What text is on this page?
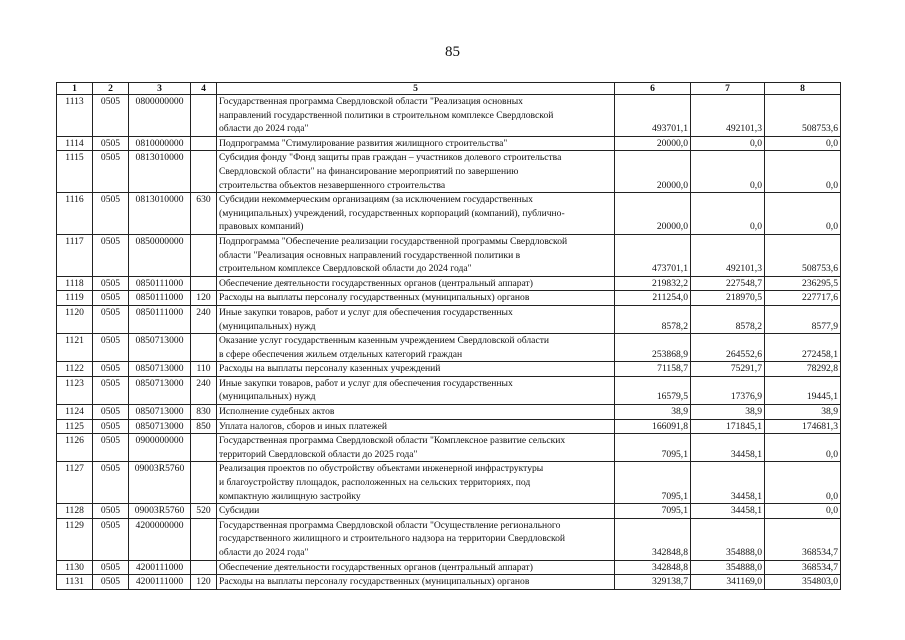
85
1	2	3	4	5	6	7	8
1113	0505	0800000000		Государственная программа Свердловской области "Реализация основных
направлений государственной политики в строительном комплексе Свердловской
области до 2024 года"	493701,1	492101,3	508753,6
1114	0505	0810000000		Подпрограмма "Стимулирование развития жилищного строительства"	20000,0	0,0	0,0
1115	0505	0813010000		Субсидия фонду "Фонд защиты прав граждан – участников долевого строительства
Свердловской области" на финансирование мероприятий по завершению
строительства объектов незавершенного строительства	20000,0	0,0	0,0
1116	0505	0813010000	630	Субсидии некоммерческим организациям (за исключением государственных
(муниципальных) учреждений, государственных корпораций (компаний), публично-
правовых компаний)	20000,0	0,0	0,0
1117	0505	0850000000		Подпрограмма "Обеспечение реализации государственной программы Свердловской
области "Реализация основных направлений государственной политики в
строительном комплексе Свердловской области до 2024 года"	473701,1	492101,3	508753,6
1118	0505	0850111000		Обеспечение деятельности государственных органов (центральный аппарат)	219832,2	227548,7	236295,5
1119	0505	0850111000	120	Расходы на выплаты персоналу государственных (муниципальных) органов	211254,0	218970,5	227717,6
1120	0505	0850111000	240	Иные закупки товаров, работ и услуг для обеспечения государственных
(муниципальных) нужд	8578,2	8578,2	8577,9
1121	0505	0850713000		Оказание услуг государственным казенным учреждением Свердловской области
в сфере обеспечения жильем отдельных категорий граждан	253868,9	264552,6	272458,1
1122	0505	0850713000	110	Расходы на выплаты персоналу казенных учреждений	71158,7	75291,7	78292,8
1123	0505	0850713000	240	Иные закупки товаров, работ и услуг для обеспечения государственных
(муниципальных) нужд	16579,5	17376,9	19445,1
1124	0505	0850713000	830	Исполнение судебных актов	38,9	38,9	38,9
1125	0505	0850713000	850	Уплата налогов, сборов и иных платежей	166091,8	171845,1	174681,3
1126	0505	0900000000		Государственная программа Свердловской области "Комплексное развитие сельских
территорий Свердловской области до 2025 года"	7095,1	34458,1	0,0
1127	0505	09003R5760		Реализация проектов по обустройству объектами инженерной инфраструктуры
и благоустройству площадок, расположенных на сельских территориях, под
компактную жилищную застройку	7095,1	34458,1	0,0
1128	0505	09003R5760	520	Субсидии	7095,1	34458,1	0,0
1129	0505	4200000000		Государственная программа Свердловской области "Осуществление регионального
государственного жилищного и строительного надзора на территории Свердловской
области до 2024 года"	342848,8	354888,0	368534,7
1130	0505	4200111000		Обеспечение деятельности государственных органов (центральный аппарат)	342848,8	354888,0	368534,7
1131	0505	4200111000	120	Расходы на выплаты персоналу государственных (муниципальных) органов	329138,7	341169,0	354803,0
